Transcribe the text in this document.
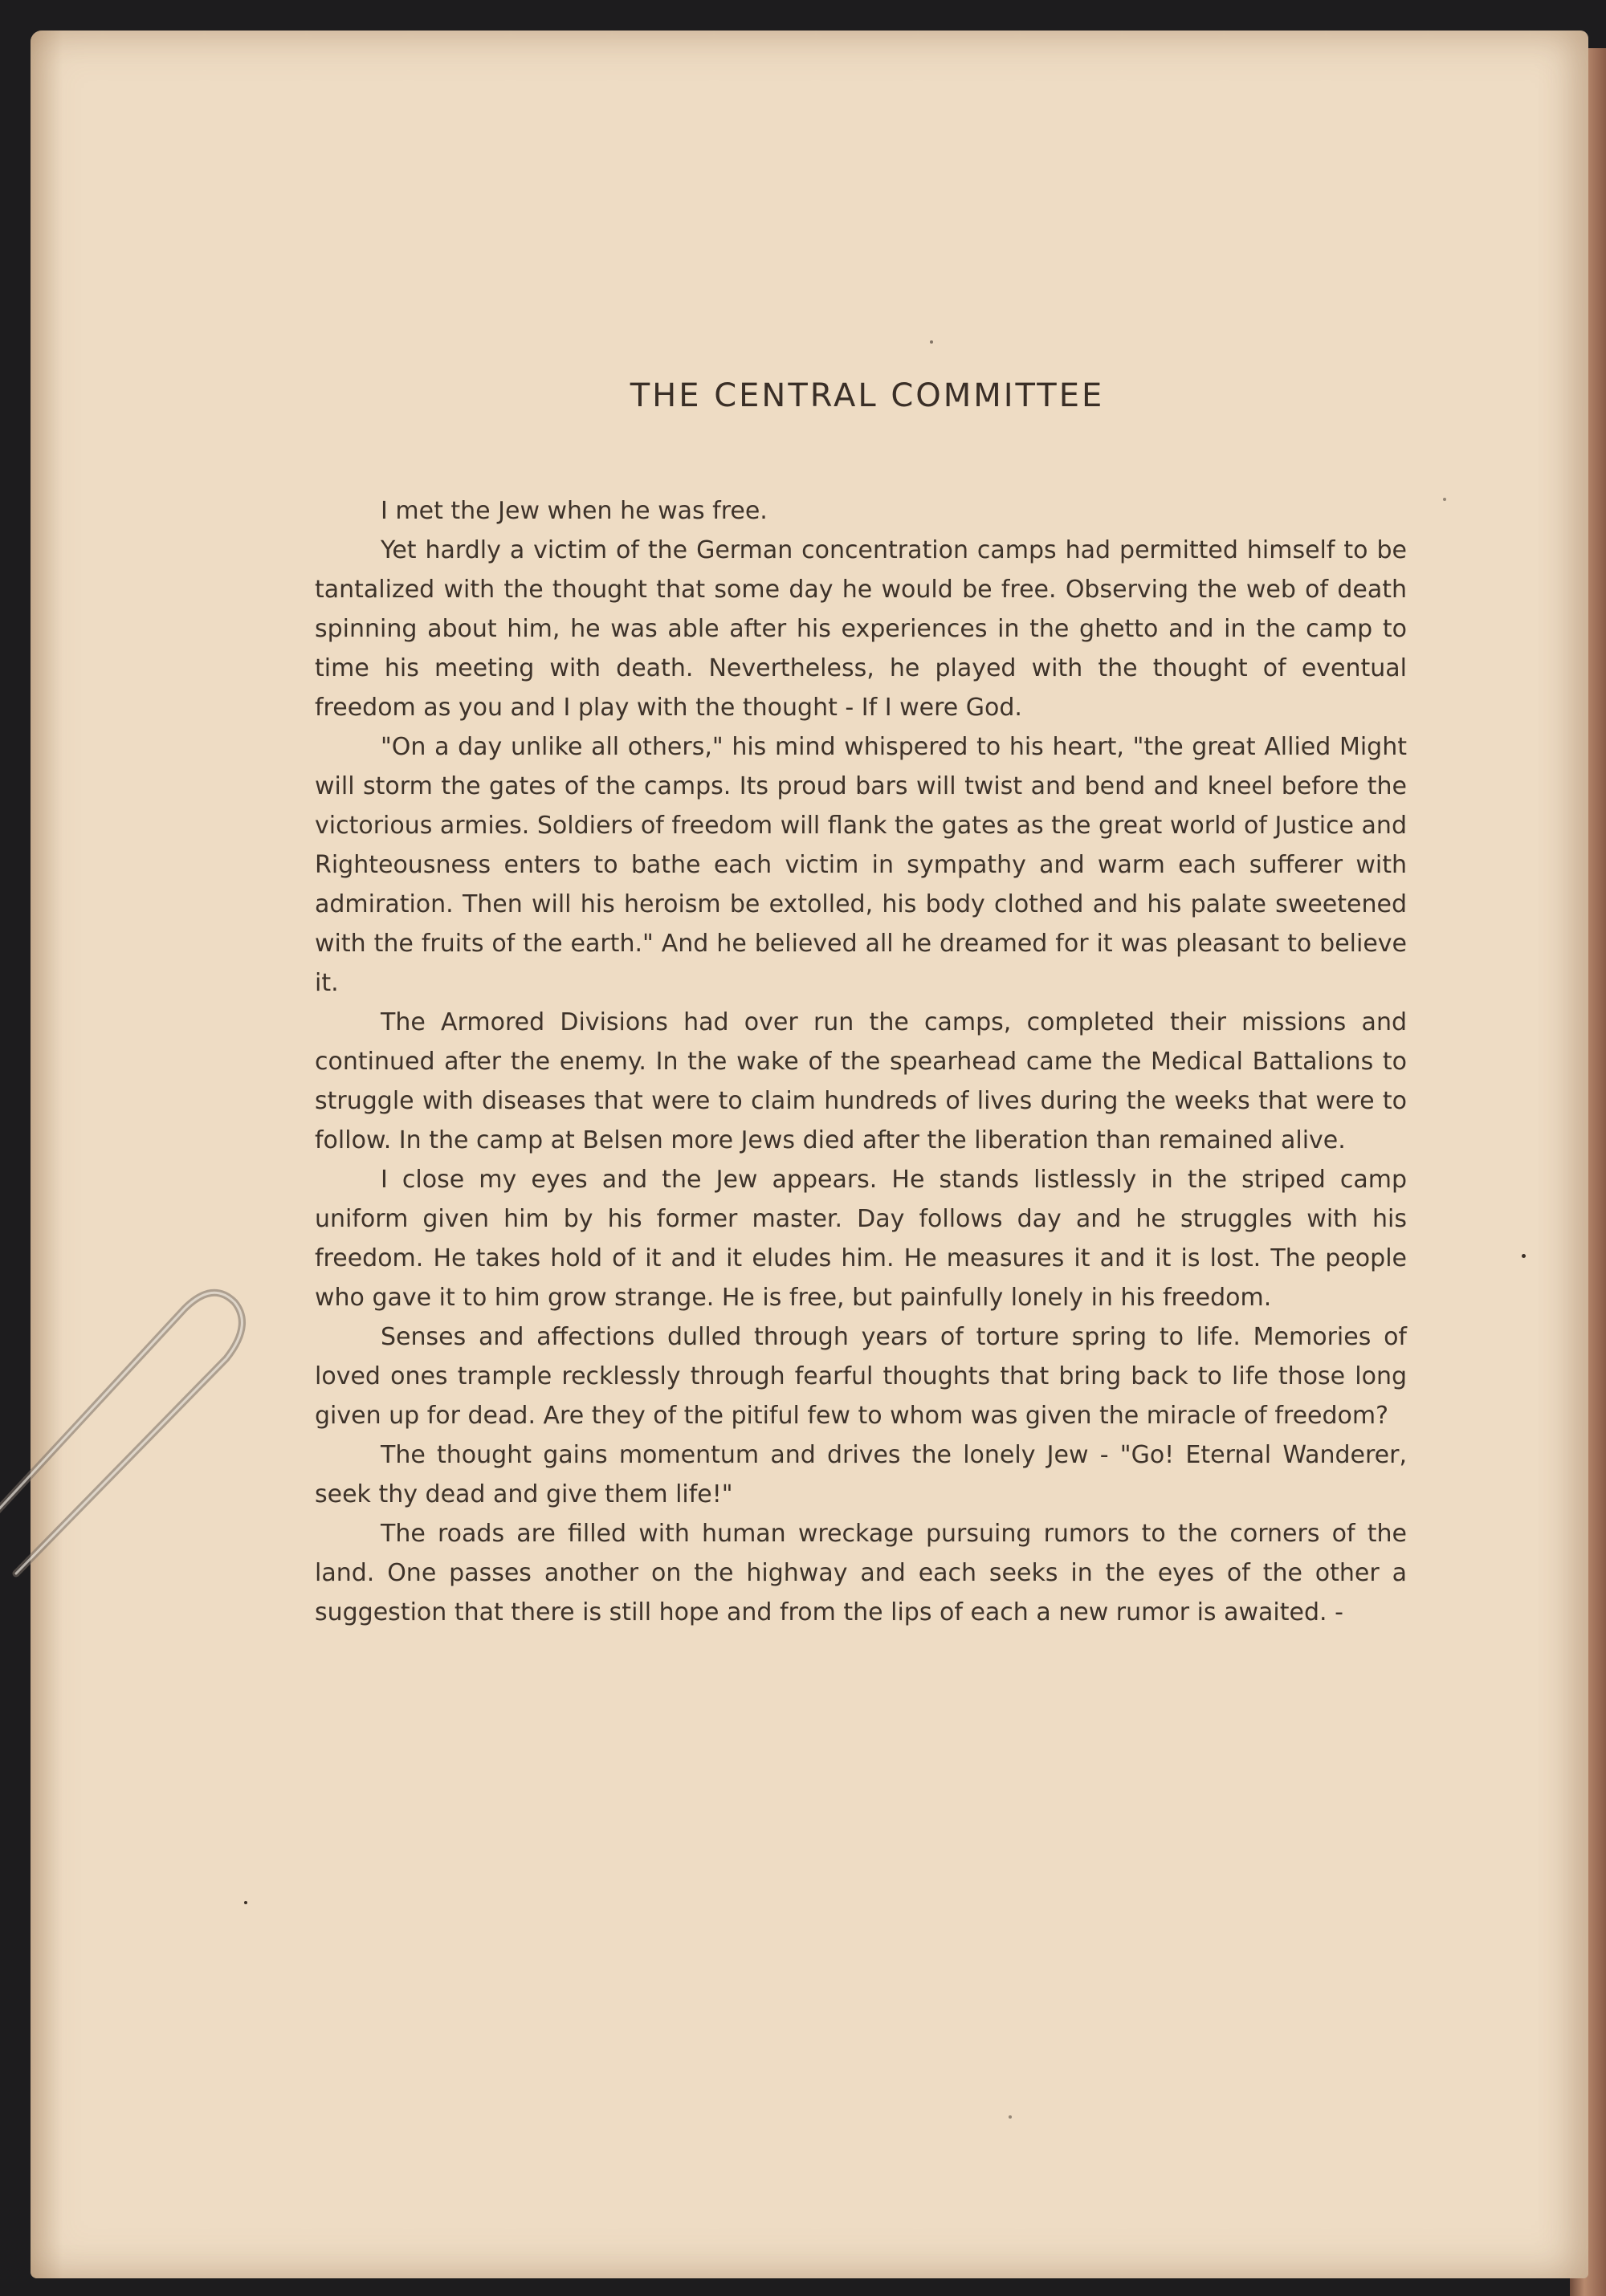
THE CENTRAL COMMITTEE

I met the Jew when he was free.

Yet hardly a victim of the German concentration camps had permitted himself to be tantalized with the thought that some day he would be free. Observing the web of death spinning about him, he was able after his experiences in the ghetto and in the camp to time his meeting with death. Nevertheless, he played with the thought of eventual freedom as you and I play with the thought - If I were God.

"On a day unlike all others," his mind whispered to his heart, "the great Allied Might will storm the gates of the camps. Its proud bars will twist and bend and kneel before the victorious armies. Soldiers of freedom will flank the gates as the great world of Justice and Righteousness enters to bathe each victim in sympathy and warm each sufferer with admiration. Then will his heroism be extolled, his body clothed and his palate sweetened with the fruits of the earth." And he believed all he dreamed for it was pleasant to believe it.

The Armored Divisions had over run the camps, completed their missions and continued after the enemy. In the wake of the spearhead came the Medical Battalions to struggle with diseases that were to claim hundreds of lives during the weeks that were to follow. In the camp at Belsen more Jews died after the liberation than remained alive.

I close my eyes and the Jew appears. He stands listlessly in the striped camp uniform given him by his former master. Day follows day and he struggles with his freedom. He takes hold of it and it eludes him. He measures it and it is lost. The people who gave it to him grow strange. He is free, but painfully lonely in his freedom.

Senses and affections dulled through years of torture spring to life. Memories of loved ones trample recklessly through fearful thoughts that bring back to life those long given up for dead. Are they of the pitiful few to whom was given the miracle of freedom?

The thought gains momentum and drives the lonely Jew - "Go! Eternal Wanderer, seek thy dead and give them life!"

The roads are filled with human wreckage pursuing rumors to the corners of the land. One passes another on the highway and each seeks in the eyes of the other a suggestion that there is still hope and from the lips of each a new rumor is awaited. -
